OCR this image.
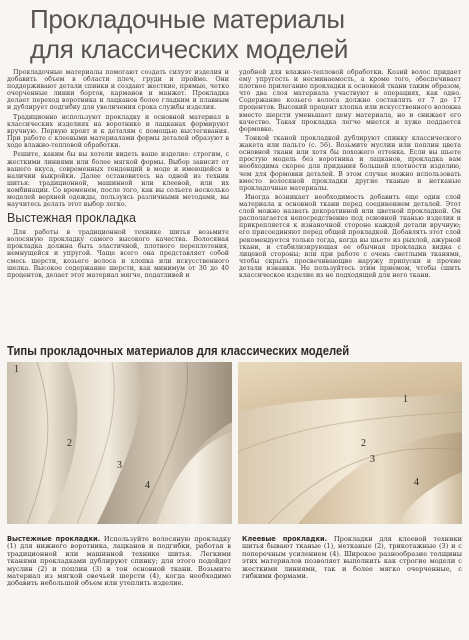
Прокладочные материалы
для классических моделей

Прокладочные материалы помогают создать силуэт изделия и добавить объем в области плеч, груди и пройме. Они поддерживают детали спинки и создают жесткие, прямые, четко очерченные линии бортов, карманов и манжет. Прокладка делает переход воротника и лацканов более гладким и плавным и дублирует подгибку для увеличения срока службы изделия.

Традиционно используют прокладку и основной материал в классических изделиях на воротнике и лацканах формируют вручную. Первую кроят и к деталям с помощью выстегивания. При работе с клеевыми материалами формы деталей образуют в ходе влажно-тепловой обработки.

Решите, каким бы вы хотели видеть ваше изделие: строгим, с жесткими линиями или более мягкой формы. Выбор зависит от вашего вкуса, современных тенденций в моде и имеющейся в наличии выкройки. Далее остановитесь на одной из техник шитья: традиционной, машинной или клеевой, или их комбинации. Со временем, после того, как вы сольете несколько моделей верхней одежды, пользуясь различными методами, вы научитесь делать этот выбор легко.

Выстежная прокладка

Для работы в традиционной технике шитья возьмите волосяную прокладку самого высокого качества. Волосяная прокладка должна быть эластичной, плотного переплетения, немнущейся и упругой. Чаще всего она представляет собой смесь шерсти, козьего волоса и хлопка или искусственного шелка. Высокое содержание шерсти, как минимум от 30 до 40 процентов, делает этот материал мягче, податливей и

удобней для влажно-тепловой обработки. Козий волос придает ему упругость и несминаемость, а кроме того, обеспечивает плотное прилегание прокладки к основной ткани таким образом, что два слоя материала участвуют в операциях, как одно. Содержание козьего волоса должно составлять от 7 до 17 процентов. Высокий процент хлопка или искусственного волокна вместо шерсти уменьшает цену материала, но и снижает его качество. Такая прокладка легче мнется и хуже поддается формовке.

Тонкой тканой прокладкой дублируют спинку классического жакета или пальто (с. 56). Возьмите муслин или поплин цвета основной ткани или хотя бы похожего оттенка. Если вы шьете простую модель без воротника и лацканов, прокладка вам необходима скорее для придания большей плотности изделию, чем для формовки деталей. В этом случае можно использовать вместо волосяной прокладки другие тканые и нетканые прокладочные материалы.

Иногда возникает необходимость добавить еще один слой материала к основной ткани перед соединением деталей. Этот слой можно назвать декоративной или цветной прокладкой. Он располагается непосредственно под основной тканью изделия и прикрепляется к изнаночной стороне каждой детали вручную; его присоединяют перед общей прокладкой. Добавлять этот слой рекомендуется только тогда, когда вы шьете из рыхлой, ажурной ткани, и стабилизирующая ее обычная прокладка видна с лицевой стороны; или при работе с очень светлыми тканями, чтобы скрыть просвечивающие наружу припуски и прочие детали изнанки. Не пользуйтесь этим приемом, чтобы сшить классическое изделие из не подходящей для него ткани.

Типы прокладочных материалов для классических моделей
1
2
3
4
1
2
3
4
Выстежные прокладки. Используйте волосяную прокладку (1) для нижнего воротника, лацканов и подгибки, работая в традиционной или машинной технике шитья. Легкими тканями прокладками дублируют спинку; для этого подойдет муслин (2) и поплин (3) в тон основной ткани. Возьмите материал из мягкой овечьей шерсти (4), когда необходимо добавить небольшой объем или утеплить изделие.
Клеевые прокладки. Прокладки для клеевой техники шитья бывают тканые (1), нетканые (2), трикотажные (3) и с поперечным усилением (4). Широкое разнообразие толщины этих материалов позволяет выполнить как строгие модели с жесткими линиями, так и более мягко очерченные, с гибкими формами.
